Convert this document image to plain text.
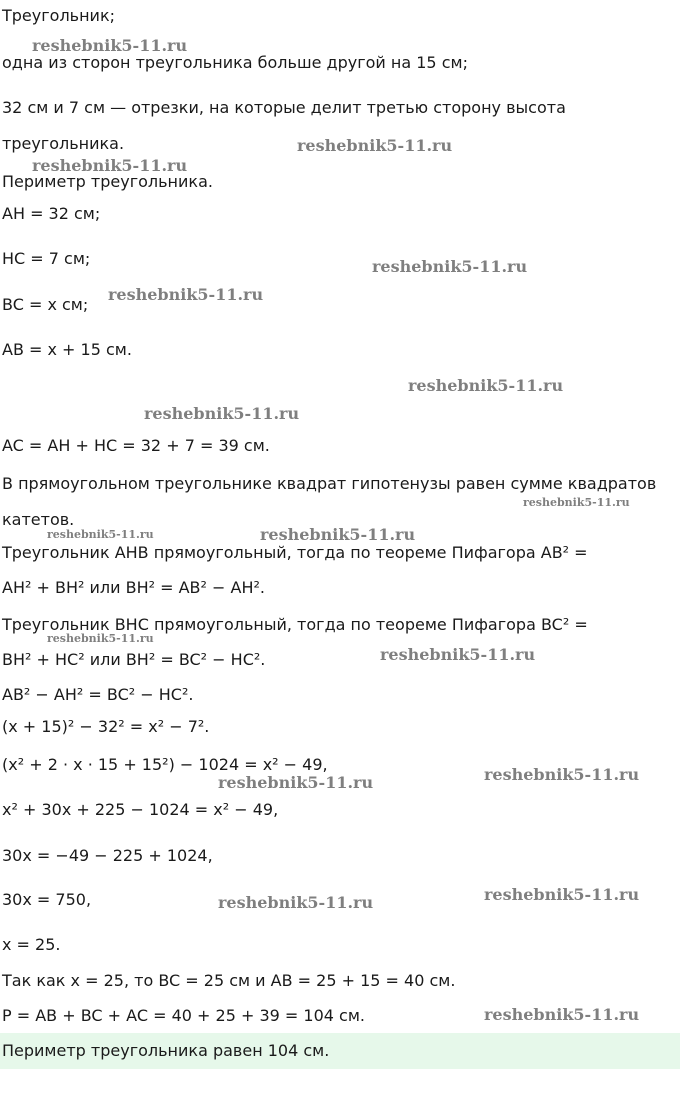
Треугольник;
одна из сторон треугольника больше другой на 15 см;
32 см и 7 см — отрезки, на которые делит третью сторону высота
треугольника.
Периметр треугольника.
AH = 32 см;
HC = 7 см;
BC = x см;
AB = x + 15 см.
AC = AH + HC = 32 + 7 = 39 см.
В прямоугольном треугольнике квадрат гипотенузы равен сумме квадратов
катетов.
Треугольник AHB прямоугольный, тогда по теореме Пифагора AB² =
AH² + BH² или BH² = AB² − AH².
Треугольник BHC прямоугольный, тогда по теореме Пифагора BC² =
BH² + HC² или BH² = BC² − HC².
AB² − AH² = BC² − HC².
(x + 15)² − 32² = x² − 7².
(x² + 2 · x · 15 + 15²) − 1024 = x² − 49,
x² + 30x + 225 − 1024 = x² − 49,
30x = −49 − 225 + 1024,
30x = 750,
x = 25.
Так как x = 25, то BC = 25 см и AB = 25 + 15 = 40 см.
P = AB + BC + AC = 40 + 25 + 39 = 104 см.
Периметр треугольника равен 104 см.
reshebnik5-11.ru
reshebnik5-11.ru
reshebnik5-11.ru
reshebnik5-11.ru
reshebnik5-11.ru
reshebnik5-11.ru
reshebnik5-11.ru
reshebnik5-11.ru
reshebnik5-11.ru	reshebnik5-11.ru
reshebnik5-11.ru
reshebnik5-11.ru
reshebnik5-11.ru
reshebnik5-11.ru
reshebnik5-11.ru
reshebnik5-11.ru
reshebnik5-11.ru
